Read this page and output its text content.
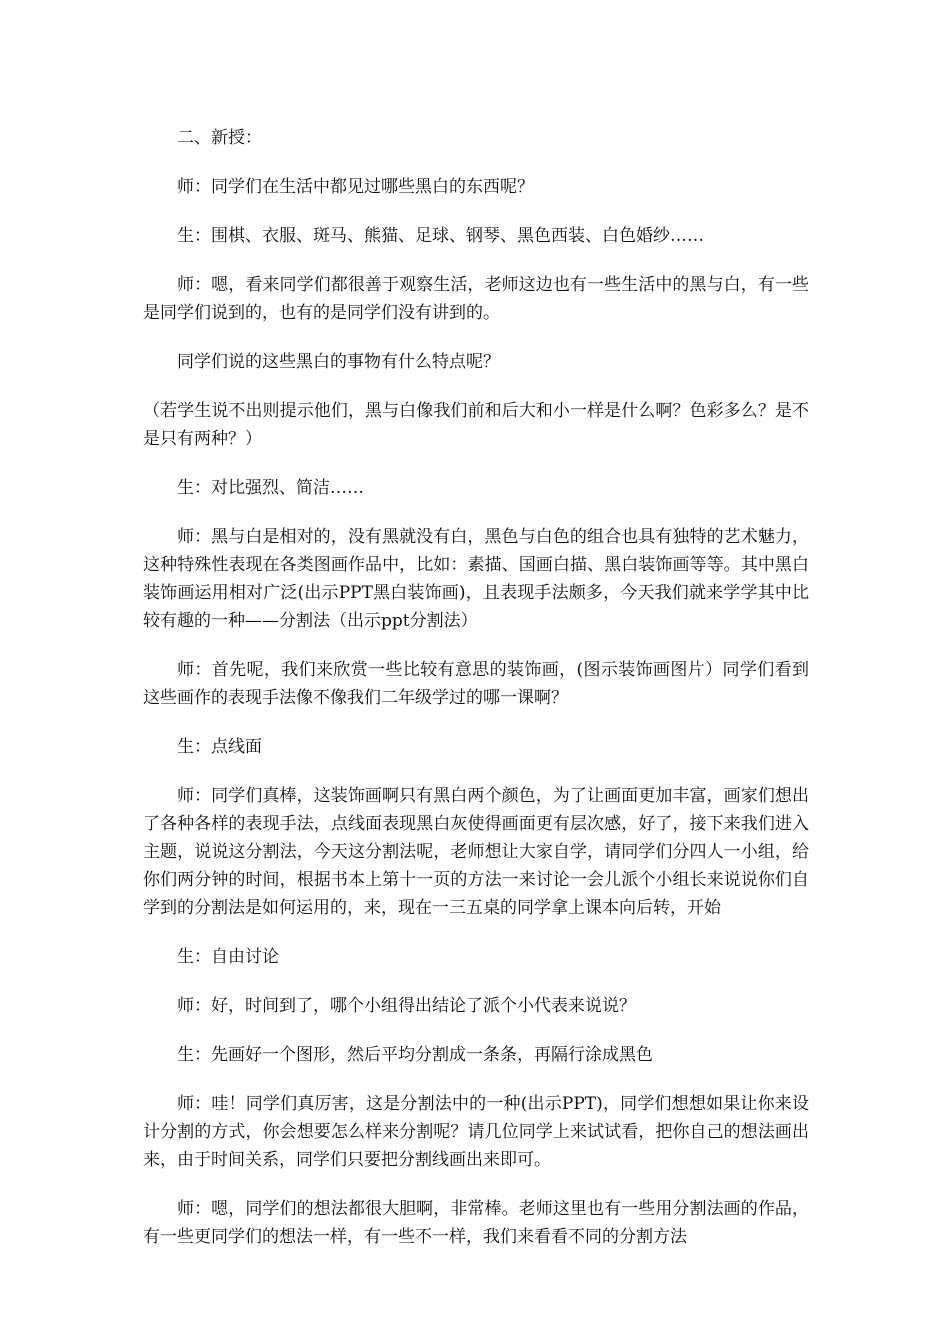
二、新授：

师：同学们在生活中都见过哪些黑白的东西呢？

生：围棋、衣服、斑马、熊猫、足球、钢琴、黑色西装、白色婚纱……

师：嗯，看来同学们都很善于观察生活，老师这边也有一些生活中的黑与白，有一些是同学们说到的，也有的是同学们没有讲到的。

同学们说的这些黑白的事物有什么特点呢？

（若学生说不出则提示他们，黑与白像我们前和后大和小一样是什么啊？色彩多么？是不是只有两种？）

生：对比强烈、简洁……

师：黑与白是相对的，没有黑就没有白，黑色与白色的组合也具有独特的艺术魅力，这种特殊性表现在各类图画作品中，比如：素描、国画白描、黑白装饰画等等。其中黑白装饰画运用相对广泛(出示PPT黑白装饰画)，且表现手法颇多，今天我们就来学学其中比较有趣的一种——分割法（出示ppt分割法）

师：首先呢，我们来欣赏一些比较有意思的装饰画，(图示装饰画图片）同学们看到这些画作的表现手法像不像我们二年级学过的哪一课啊？

生：点线面

师：同学们真棒，这装饰画啊只有黑白两个颜色，为了让画面更加丰富，画家们想出了各种各样的表现手法，点线面表现黑白灰使得画面更有层次感，好了，接下来我们进入主题，说说这分割法，今天这分割法呢，老师想让大家自学，请同学们分四人一小组，给你们两分钟的时间，根据书本上第十一页的方法一来讨论一会儿派个小组长来说说你们自学到的分割法是如何运用的，来，现在一三五桌的同学拿上课本向后转，开始

生：自由讨论

师：好，时间到了，哪个小组得出结论了派个小代表来说说？

生：先画好一个图形，然后平均分割成一条条，再隔行涂成黑色

师：哇！同学们真厉害，这是分割法中的一种(出示PPT)，同学们想想如果让你来设计分割的方式，你会想要怎么样来分割呢？请几位同学上来试试看，把你自己的想法画出来，由于时间关系，同学们只要把分割线画出来即可。

师：嗯，同学们的想法都很大胆啊，非常棒。老师这里也有一些用分割法画的作品，有一些更同学们的想法一样，有一些不一样，我们来看看不同的分割方法
